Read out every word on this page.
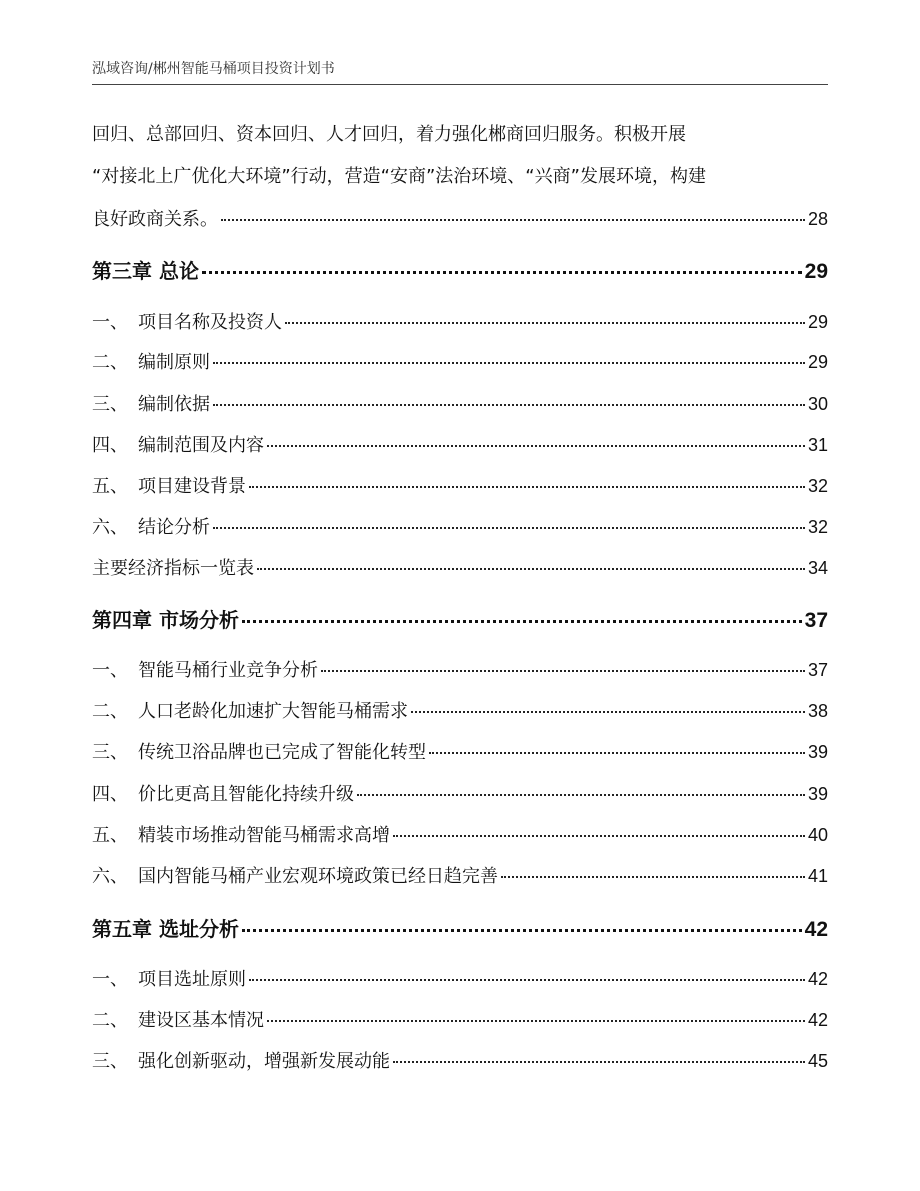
泓域咨询/郴州智能马桶项目投资计划书
回归、总部回归、资本回归、人才回归，着力强化郴商回归服务。积极开展
“对接北上广优化大环境”行动，营造“安商”法治环境、“兴商”发展环境，构建
良好政商关系。	28
第三章 总论	29
一、 项目名称及投资人	29
二、 编制原则	29
三、 编制依据	30
四、 编制范围及内容	31
五、 项目建设背景	32
六、 结论分析	32
主要经济指标一览表	34
第四章 市场分析	37
一、 智能马桶行业竞争分析	37
二、 人口老龄化加速扩大智能马桶需求	38
三、 传统卫浴品牌也已完成了智能化转型	39
四、 价比更高且智能化持续升级	39
五、 精装市场推动智能马桶需求高增	40
六、 国内智能马桶产业宏观环境政策已经日趋完善	41
第五章 选址分析	42
一、 项目选址原则	42
二、 建设区基本情况	42
三、 强化创新驱动，增强新发展动能	45
